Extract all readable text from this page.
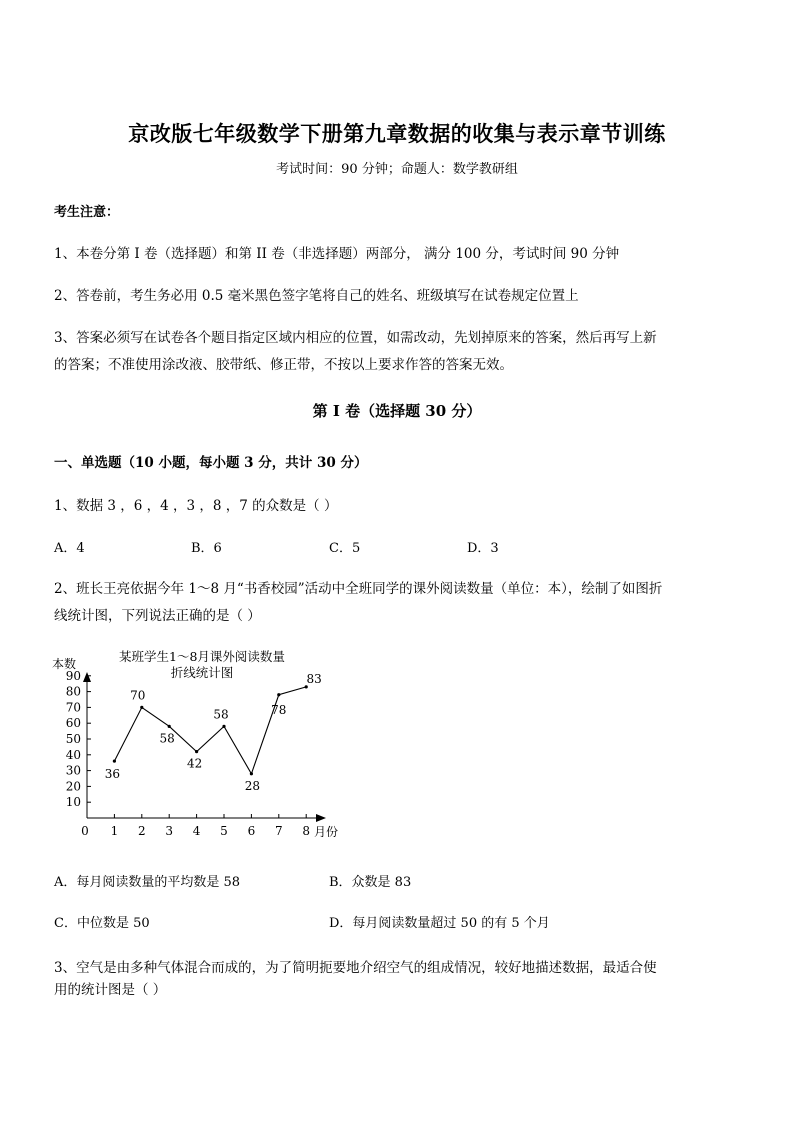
京改版七年级数学下册第九章数据的收集与表示章节训练
考试时间：90 分钟；命题人：数学教研组
考生注意：
1、本卷分第 I 卷（选择题）和第 II 卷（非选择题）两部分， 满分 100 分，考试时间 90 分钟
2、答卷前，考生务必用 0.5 毫米黑色签字笔将自己的姓名、班级填写在试卷规定位置上
3、答案必须写在试卷各个题目指定区域内相应的位置，如需改动，先划掉原来的答案，然后再写上新
的答案；不准使用涂改液、胶带纸、修正带，不按以上要求作答的答案无效。
第 I 卷（选择题 30 分）
一、单选题（10 小题，每小题 3 分，共计 30 分）
1、数据 3 ，6 ，4 ，3 ，8 ，7 的众数是（ ）
A．4	B．6	C．5	D．3
2、班长王亮依据今年 1～8 月“书香校园”活动中全班同学的课外阅读数量（单位：本），绘制了如图折
线统计图，下列说法正确的是（ ）
10
20
30
40
50
60
70
80
90
0 1 2 3 4 5 6 7 8
本数
月份
某班学生1～8月课外阅读数量
折线统计图
36
70
58
42
58
28
78
83
A．每月阅读数量的平均数是 58	B．众数是 83
C．中位数是 50	D．每月阅读数量超过 50 的有 5 个月
3、空气是由多种气体混合而成的，为了简明扼要地介绍空气的组成情况，较好地描述数据，最适合使
用的统计图是（ ）
